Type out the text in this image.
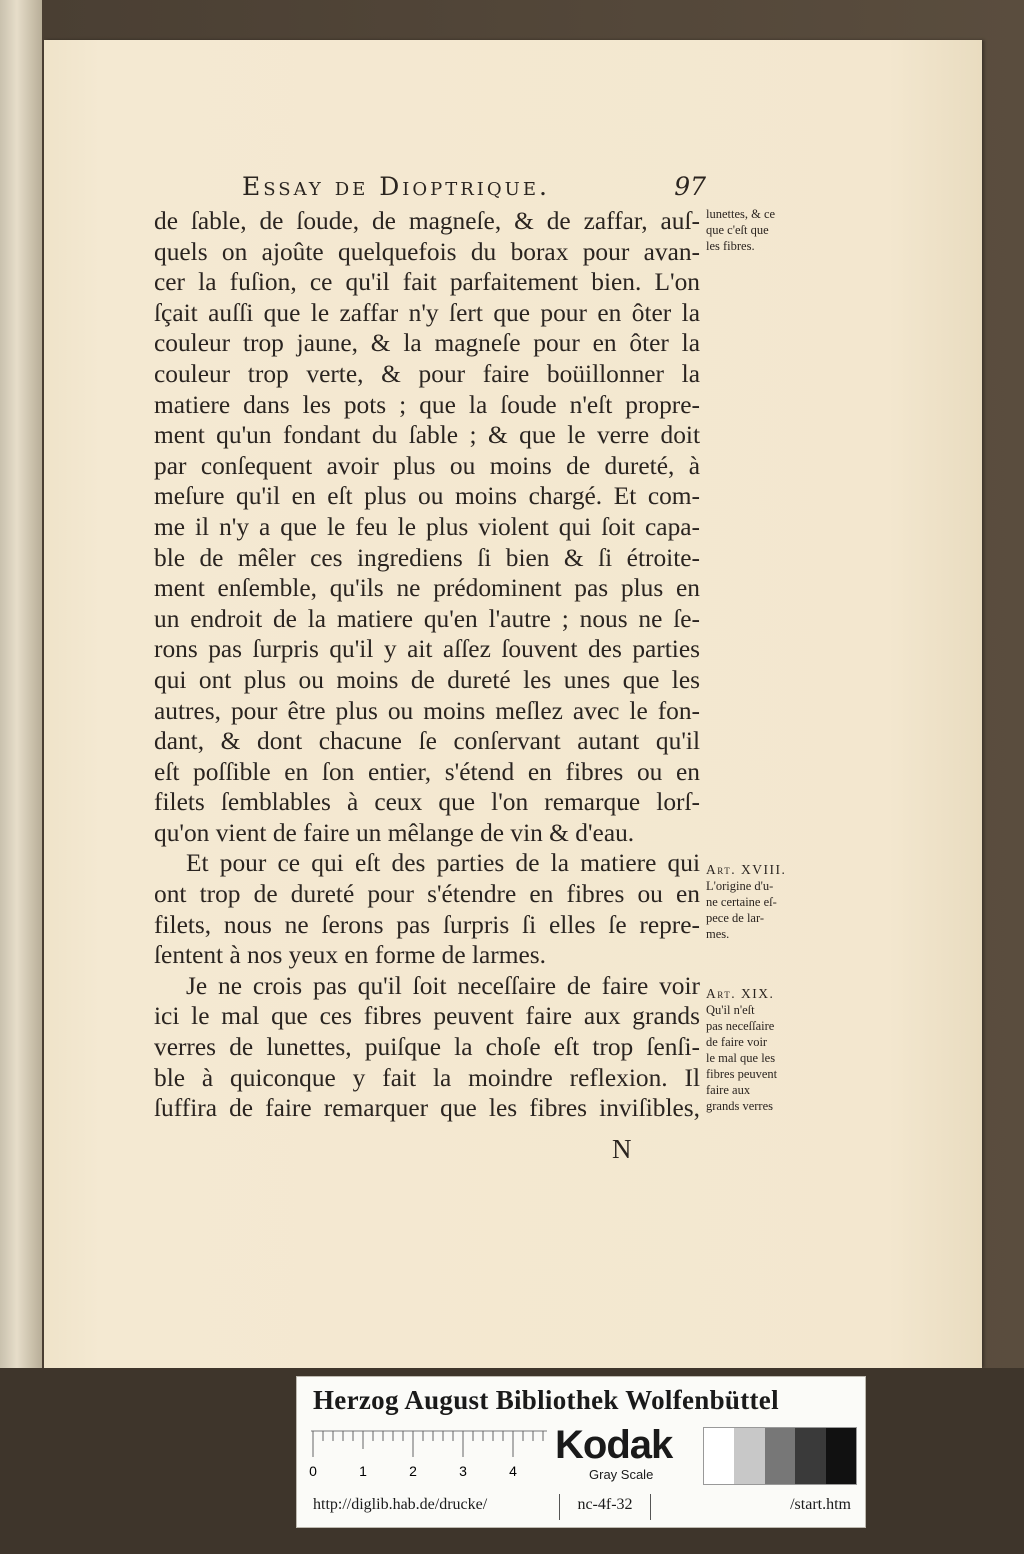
Essay de Dioptrique.	97
de ſable, de ſoude, de magneſe, & de zaffar, auſ-
quels on ajoûte quelquefois du borax pour avan-
cer la fuſion, ce qu'il fait parfaitement bien. L'on
ſçait auſſi que le zaffar n'y ſert que pour en ôter la
couleur trop jaune, & la magneſe pour en ôter la
couleur trop verte, & pour faire boüillonner la
matiere dans les pots ; que la ſoude n'eſt propre-
ment qu'un fondant du ſable ; & que le verre doit
par conſequent avoir plus ou moins de dureté, à
meſure qu'il en eſt plus ou moins chargé. Et com-
me il n'y a que le feu le plus violent qui ſoit capa-
ble de mêler ces ingrediens ſi bien & ſi étroite-
ment enſemble, qu'ils ne prédominent pas plus en
un endroit de la matiere qu'en l'autre ; nous ne ſe-
rons pas ſurpris qu'il y ait aſſez ſouvent des parties
qui ont plus ou moins de dureté les unes que les
autres, pour être plus ou moins meſlez avec le fon-
dant, & dont chacune ſe conſervant autant qu'il
eſt poſſible en ſon entier, s'étend en fibres ou en
filets ſemblables à ceux que l'on remarque lorſ-
qu'on vient de faire un mêlange de vin & d'eau.
Et pour ce qui eſt des parties de la matiere qui
ont trop de dureté pour s'étendre en fibres ou en
filets, nous ne ſerons pas ſurpris ſi elles ſe repre-
ſentent à nos yeux en forme de larmes.
Je ne crois pas qu'il ſoit neceſſaire de faire voir
ici le mal que ces fibres peuvent faire aux grands
verres de lunettes, puiſque la choſe eſt trop ſenſi-
ble à quiconque y fait la moindre reflexion. Il
ſuffira de faire remarquer que les fibres inviſibles,
lunettes, & ce
que c'eſt que
les fibres.
Art. XVIII.
L'origine d'u-
ne certaine eſ-
pece de lar-
mes.
Art. XIX.
Qu'il n'eſt
pas neceſſaire
de faire voir
le mal que les
fibres peuvent
faire aux
grands verres
N
Herzog August Bibliothek Wolfenbüttel
0	1	2	3	4
Kodak
Gray Scale
http://diglib.hab.de/drucke/	nc-4f-32	/start.htm
